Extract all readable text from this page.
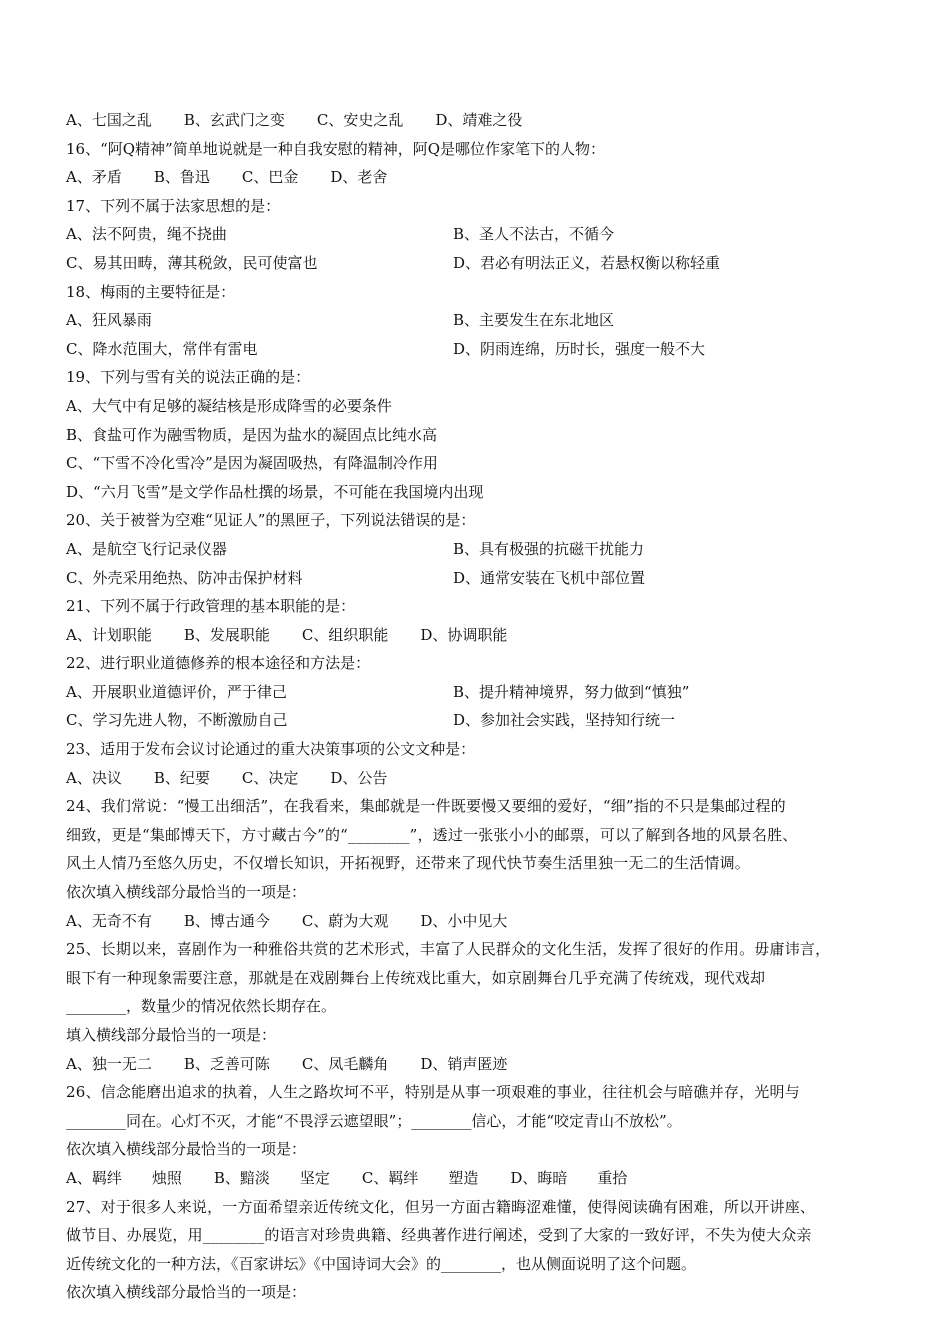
A、七国之乱 B、玄武门之变 C、安史之乱 D、靖难之役
16、“阿Q精神”简单地说就是一种自我安慰的精神，阿Q是哪位作家笔下的人物：
A、矛盾 B、鲁迅 C、巴金 D、老舍
17、下列不属于法家思想的是：
A、法不阿贵，绳不挠曲	B、圣人不法古，不循今
C、易其田畴，薄其税敛，民可使富也	D、君必有明法正义，若悬权衡以称轻重
18、梅雨的主要特征是：
A、狂风暴雨	B、主要发生在东北地区
C、降水范围大，常伴有雷电	D、阴雨连绵，历时长，强度一般不大
19、下列与雪有关的说法正确的是：
A、大气中有足够的凝结核是形成降雪的必要条件
B、食盐可作为融雪物质，是因为盐水的凝固点比纯水高
C、“下雪不冷化雪冷”是因为凝固吸热，有降温制冷作用
D、“六月飞雪”是文学作品杜撰的场景，不可能在我国境内出现
20、关于被誉为空难“见证人”的黑匣子，下列说法错误的是：
A、是航空飞行记录仪器	B、具有极强的抗磁干扰能力
C、外壳采用绝热、防冲击保护材料	D、通常安装在飞机中部位置
21、下列不属于行政管理的基本职能的是：
A、计划职能 B、发展职能 C、组织职能 D、协调职能
22、进行职业道德修养的根本途径和方法是：
A、开展职业道德评价，严于律己	B、提升精神境界，努力做到“慎独”
C、学习先进人物，不断激励自己	D、参加社会实践，坚持知行统一
23、适用于发布会议讨论通过的重大决策事项的公文文种是：
A、决议 B、纪要 C、决定 D、公告
24、我们常说：“慢工出细活”，在我看来，集邮就是一件既要慢又要细的爱好，“细”指的不只是集邮过程的
细致，更是“集邮博天下，方寸藏古今”的“________”，透过一张张小小的邮票，可以了解到各地的风景名胜、
风土人情乃至悠久历史，不仅增长知识，开拓视野，还带来了现代快节奏生活里独一无二的生活情调。
依次填入横线部分最恰当的一项是：
A、无奇不有 B、博古通今 C、蔚为大观 D、小中见大
25、长期以来，喜剧作为一种雅俗共赏的艺术形式，丰富了人民群众的文化生活，发挥了很好的作用。毋庸讳言，
眼下有一种现象需要注意，那就是在戏剧舞台上传统戏比重大，如京剧舞台几乎充满了传统戏，现代戏却
________，数量少的情况依然长期存在。
填入横线部分最恰当的一项是：
A、独一无二 B、乏善可陈 C、凤毛麟角 D、销声匿迹
26、信念能磨出追求的执着，人生之路坎坷不平，特别是从事一项艰难的事业，往往机会与暗礁并存，光明与
________同在。心灯不灭，才能“不畏浮云遮望眼”；________信心，才能“咬定青山不放松”。
依次填入横线部分最恰当的一项是：
A、羁绊　　烛照 B、黯淡　　坚定 C、羁绊　　塑造 D、晦暗　　重拾
27、对于很多人来说，一方面希望亲近传统文化，但另一方面古籍晦涩难懂，使得阅读确有困难，所以开讲座、
做节目、办展览，用________的语言对珍贵典籍、经典著作进行阐述，受到了大家的一致好评，不失为使大众亲
近传统文化的一种方法，《百家讲坛》《中国诗词大会》的________，也从侧面说明了这个问题。
依次填入横线部分最恰当的一项是：
